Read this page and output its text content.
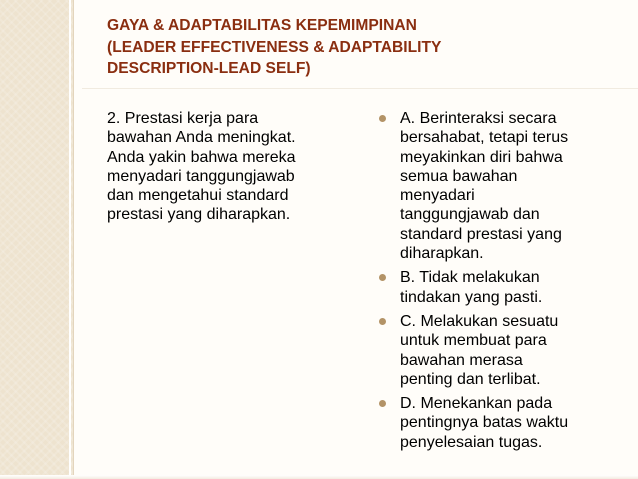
GAYA & ADAPTABILITAS KEPEMIMPINAN
(LEADER EFFECTIVENESS & ADAPTABILITY
DESCRIPTION-LEAD SELF)
2. Prestasi kerja para
bawahan Anda meningkat.
Anda yakin bahwa mereka
menyadari tanggungjawab
dan mengetahui standard
prestasi yang diharapkan.
A. Berinteraksi secara
bersahabat, tetapi terus
meyakinkan diri bahwa
semua bawahan
menyadari
tanggungjawab dan
standard prestasi yang
diharapkan.
B. Tidak melakukan
tindakan yang pasti.
C. Melakukan sesuatu
untuk membuat para
bawahan merasa
penting dan terlibat.
D. Menekankan pada
pentingnya batas waktu
penyelesaian tugas.
